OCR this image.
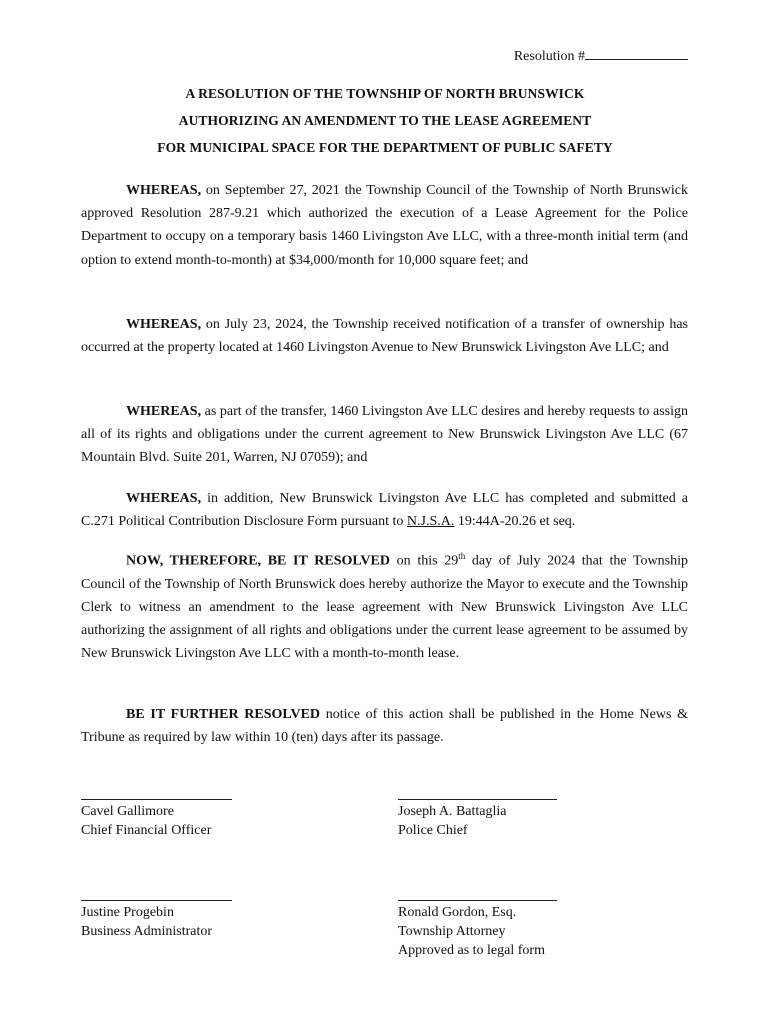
Resolution #
A RESOLUTION OF THE TOWNSHIP OF NORTH BRUNSWICK
AUTHORIZING AN AMENDMENT TO THE LEASE AGREEMENT
FOR MUNICIPAL SPACE FOR THE DEPARTMENT OF PUBLIC SAFETY
WHEREAS, on September 27, 2021 the Township Council of the Township of North Brunswick approved Resolution 287-9.21 which authorized the execution of a Lease Agreement for the Police Department to occupy on a temporary basis 1460 Livingston Ave LLC, with a three-month initial term (and option to extend month-to-month) at $34,000/month for 10,000 square feet; and
WHEREAS, on July 23, 2024, the Township received notification of a transfer of ownership has occurred at the property located at 1460 Livingston Avenue to New Brunswick Livingston Ave LLC; and
WHEREAS, as part of the transfer, 1460 Livingston Ave LLC desires and hereby requests to assign all of its rights and obligations under the current agreement to New Brunswick Livingston Ave LLC (67 Mountain Blvd. Suite 201, Warren, NJ 07059); and
WHEREAS, in addition, New Brunswick Livingston Ave LLC has completed and submitted a C.271 Political Contribution Disclosure Form pursuant to N.J.S.A. 19:44A-20.26 et seq.
NOW, THEREFORE, BE IT RESOLVED on this 29th day of July 2024 that the Township Council of the Township of North Brunswick does hereby authorize the Mayor to execute and the Township Clerk to witness an amendment to the lease agreement with New Brunswick Livingston Ave LLC authorizing the assignment of all rights and obligations under the current lease agreement to be assumed by New Brunswick Livingston Ave LLC with a month-to-month lease.
BE IT FURTHER RESOLVED notice of this action shall be published in the Home News & Tribune as required by law within 10 (ten) days after its passage.
Cavel Gallimore
Chief Financial Officer
Joseph A. Battaglia
Police Chief
Justine Progebin
Business Administrator
Ronald Gordon, Esq.
Township Attorney
Approved as to legal form
